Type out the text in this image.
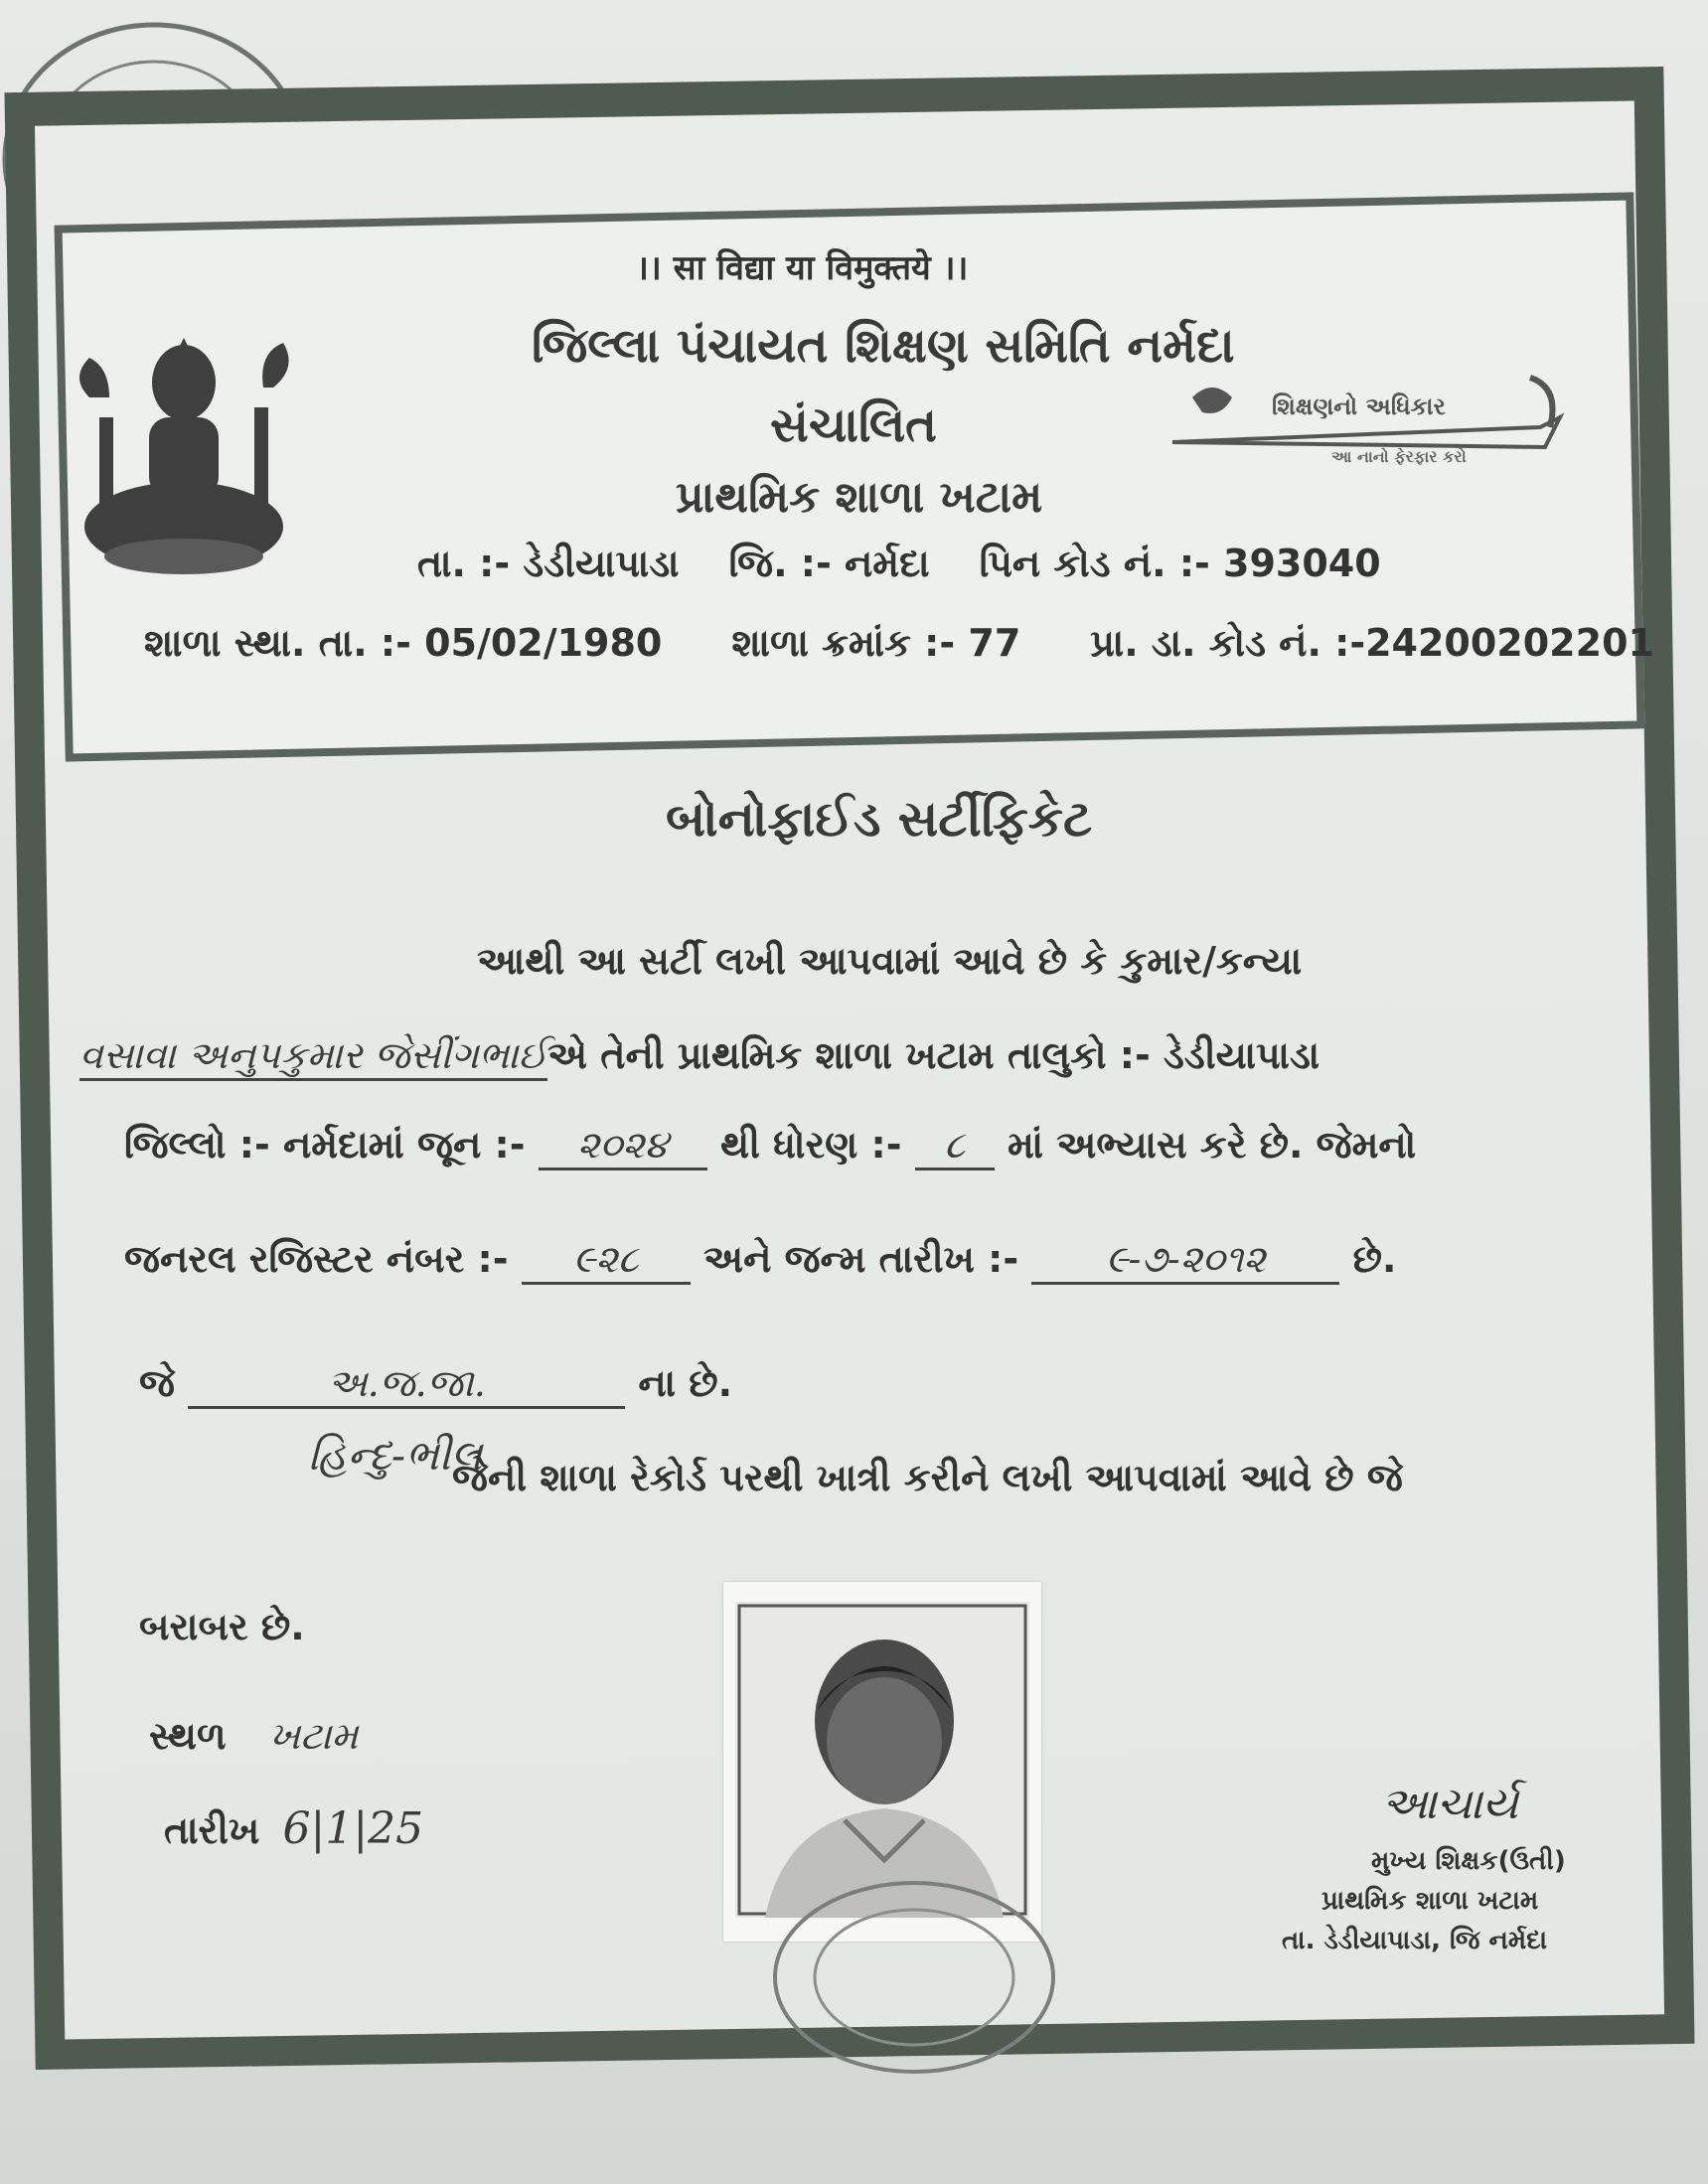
।। सा विद्या या विमुक्तये ।।
જિલ્લા પંચાયત શિક્ષણ સમિતિ નર્મદા
સંચાલિત
પ્રાથમિક શાળા ખટામ
તા. :- ડેડીયાપાડા જિ. :- નર્મદા પિન કોડ નં. :- 393040
શાળા સ્થા. તા. :- 05/02/1980 શાળા ક્રમાંક :- 77 પ્રા. ડા. કોડ નં. :-24200202201
શિક્ષણનો અધિકાર
આ નાનો ફેરફાર કરો
બોનોફાઈડ સર્ટીફિકેટ
આથી આ સર્ટી લખી આપવામાં આવે છે કે કુમાર/કન્યા
વસાવા અનુપકુમાર જેસીંગભાઈએ તેની પ્રાથમિક શાળા ખટામ તાલુકો :- ડેડીયાપાડા
જિલ્લો :- નર્મદામાં જૂન :- ૨૦૨૪ થી ધોરણ :- ૮ માં અભ્યાસ કરે છે. જેમનો
જનરલ રજિસ્ટર નંબર :- ૯૨૮ અને જન્મ તારીખ :- ૯-૭-૨૦૧૨ છે.
જે	અ.જ.જા.	ના છે.
હિન્દુ-ભીલ
જેની શાળા રેકોર્ડ પરથી ખાત્રી કરીને લખી આપવામાં આવે છે જે
બરાબર છે.
સ્થળ ખટામ
તારીખ 6|1|25	આચાર્ય
મુખ્ય શિક્ષક(ઉતી)
પ્રાથમિક શાળા ખટામ
તા. ડેડીયાપાડા, જિ નર્મદા
